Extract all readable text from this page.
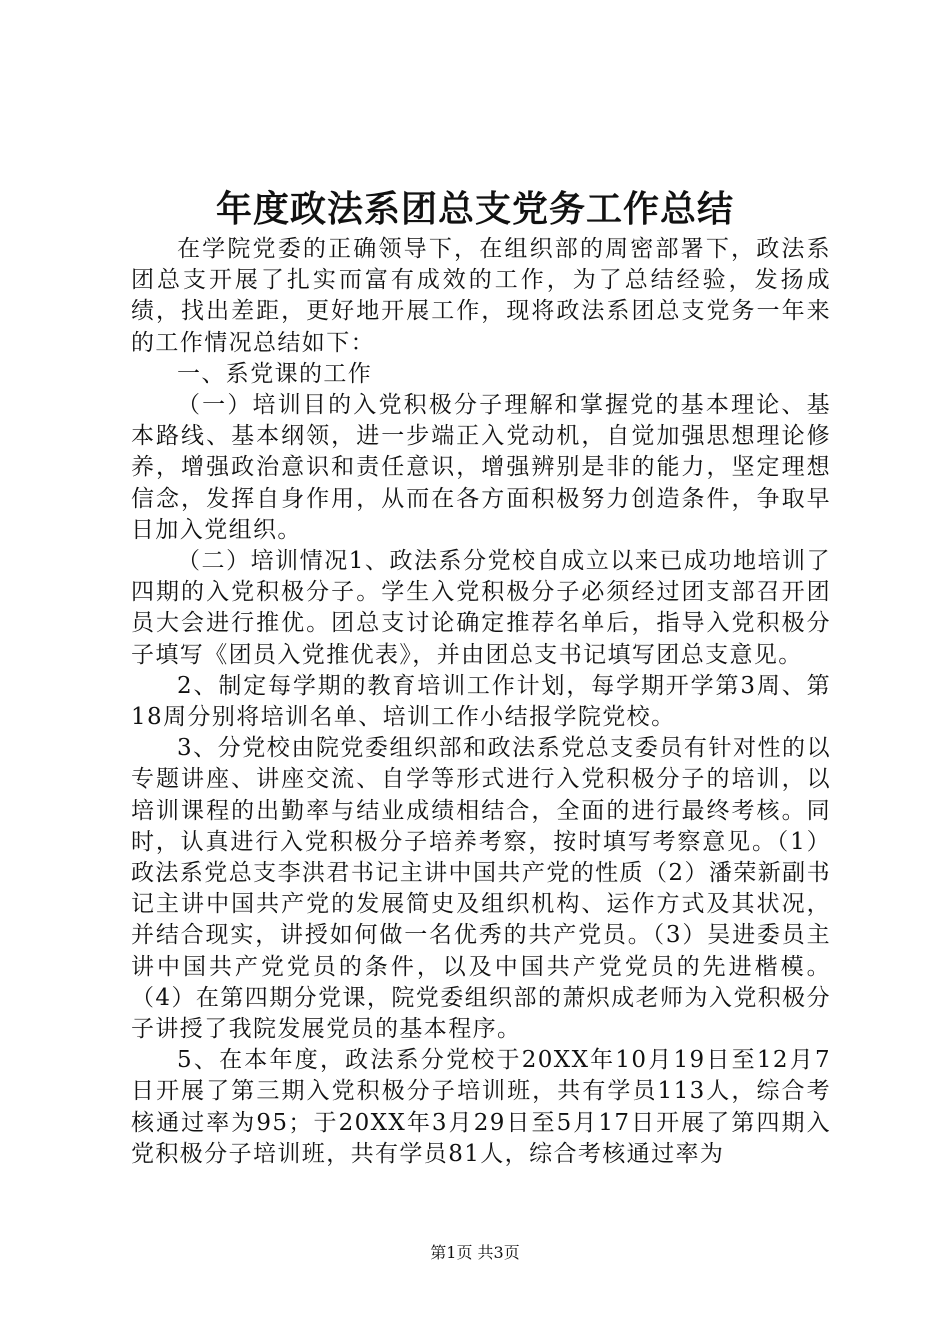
年度政法系团总支党务工作总结

在学院党委的正确领导下，在组织部的周密部署下，政法系团总支开展了扎实而富有成效的工作，为了总结经验，发扬成绩，找出差距，更好地开展工作，现将政法系团总支党务一年来的工作情况总结如下：

一、系党课的工作

（一）培训目的入党积极分子理解和掌握党的基本理论、基本路线、基本纲领，进一步端正入党动机，自觉加强思想理论修养，增强政治意识和责任意识，增强辨别是非的能力，坚定理想信念，发挥自身作用，从而在各方面积极努力创造条件，争取早日加入党组织。

（二）培训情况1、政法系分党校自成立以来已成功地培训了四期的入党积极分子。学生入党积极分子必须经过团支部召开团员大会进行推优。团总支讨论确定推荐名单后，指导入党积极分子填写《团员入党推优表》，并由团总支书记填写团总支意见。

2、制定每学期的教育培训工作计划，每学期开学第3周、第18周分别将培训名单、培训工作小结报学院党校。

3、分党校由院党委组织部和政法系党总支委员有针对性的以专题讲座、讲座交流、自学等形式进行入党积极分子的培训，以培训课程的出勤率与结业成绩相结合，全面的进行最终考核。同时，认真进行入党积极分子培养考察，按时填写考察意见。（1）政法系党总支李洪君书记主讲中国共产党的性质（2）潘荣新副书记主讲中国共产党的发展简史及组织机构、运作方式及其状况，并结合现实，讲授如何做一名优秀的共产党员。（3）吴进委员主讲中国共产党党员的条件，以及中国共产党党员的先进楷模。（4）在第四期分党课，院党委组织部的萧炽成老师为入党积极分子讲授了我院发展党员的基本程序。

5、在本年度，政法系分党校于20XX年10月19日至12月7日开展了第三期入党积极分子培训班，共有学员113人，综合考核通过率为95；于20XX年3月29日至5月17日开展了第四期入党积极分子培训班，共有学员81人，综合考核通过率为

第1页 共3页
